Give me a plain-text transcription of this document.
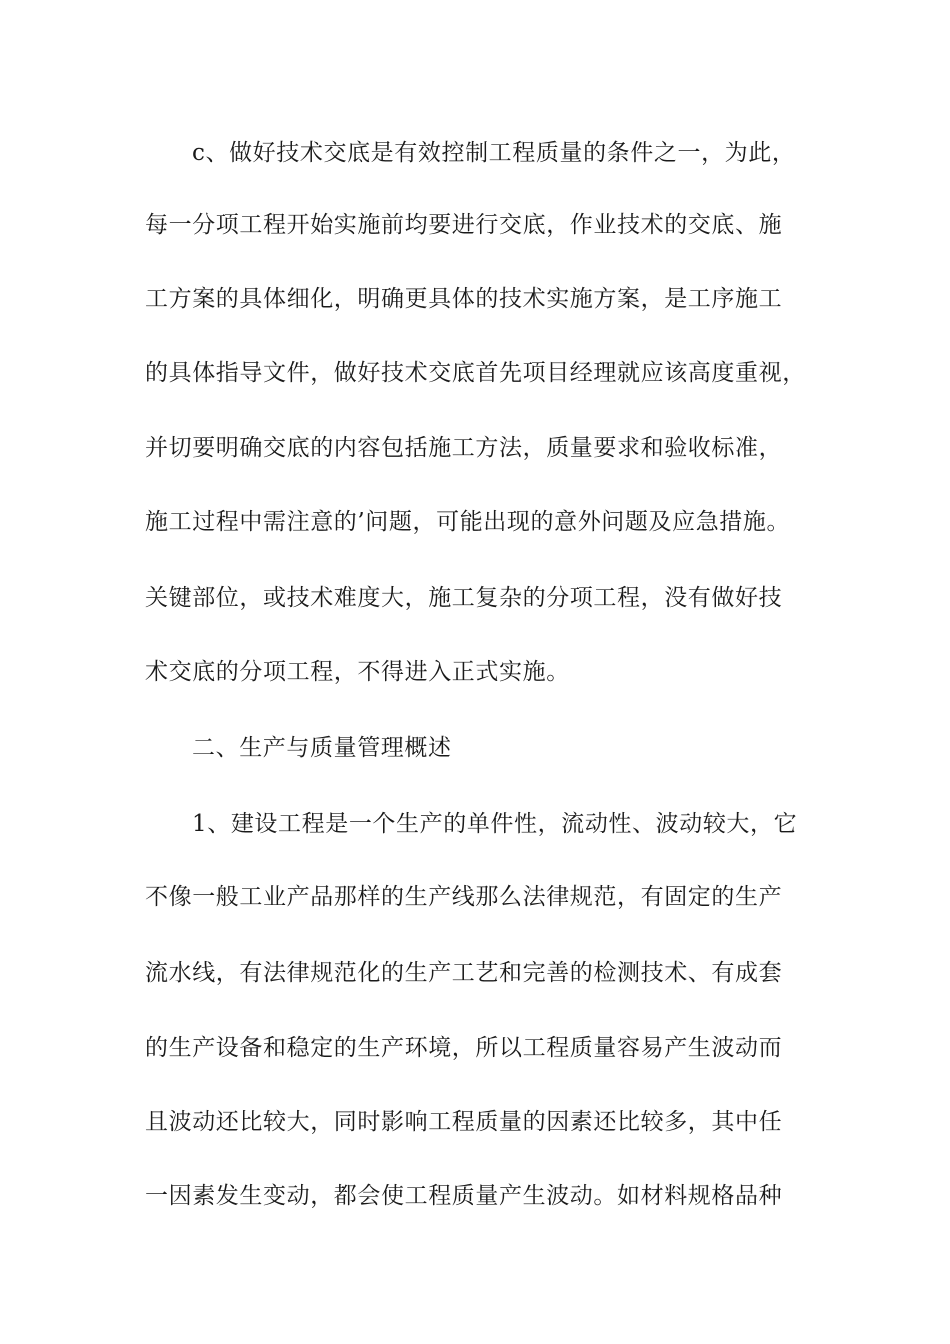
c、做好技术交底是有效控制工程质量的条件之一，为此，
每一分项工程开始实施前均要进行交底，作业技术的交底、施
工方案的具体细化，明确更具体的技术实施方案，是工序施工
的具体指导文件，做好技术交底首先项目经理就应该高度重视，
并切要明确交底的内容包括施工方法，质量要求和验收标准，
施工过程中需注意的’问题，可能出现的意外问题及应急措施。
关键部位，或技术难度大，施工复杂的分项工程，没有做好技
术交底的分项工程，不得进入正式实施。
二、生产与质量管理概述
1、建设工程是一个生产的单件性，流动性、波动较大，它
不像一般工业产品那样的生产线那么法律规范，有固定的生产
流水线，有法律规范化的生产工艺和完善的检测技术、有成套
的生产设备和稳定的生产环境，所以工程质量容易产生波动而
且波动还比较大，同时影响工程质量的因素还比较多，其中任
一因素发生变动，都会使工程质量产生波动。如材料规格品种
